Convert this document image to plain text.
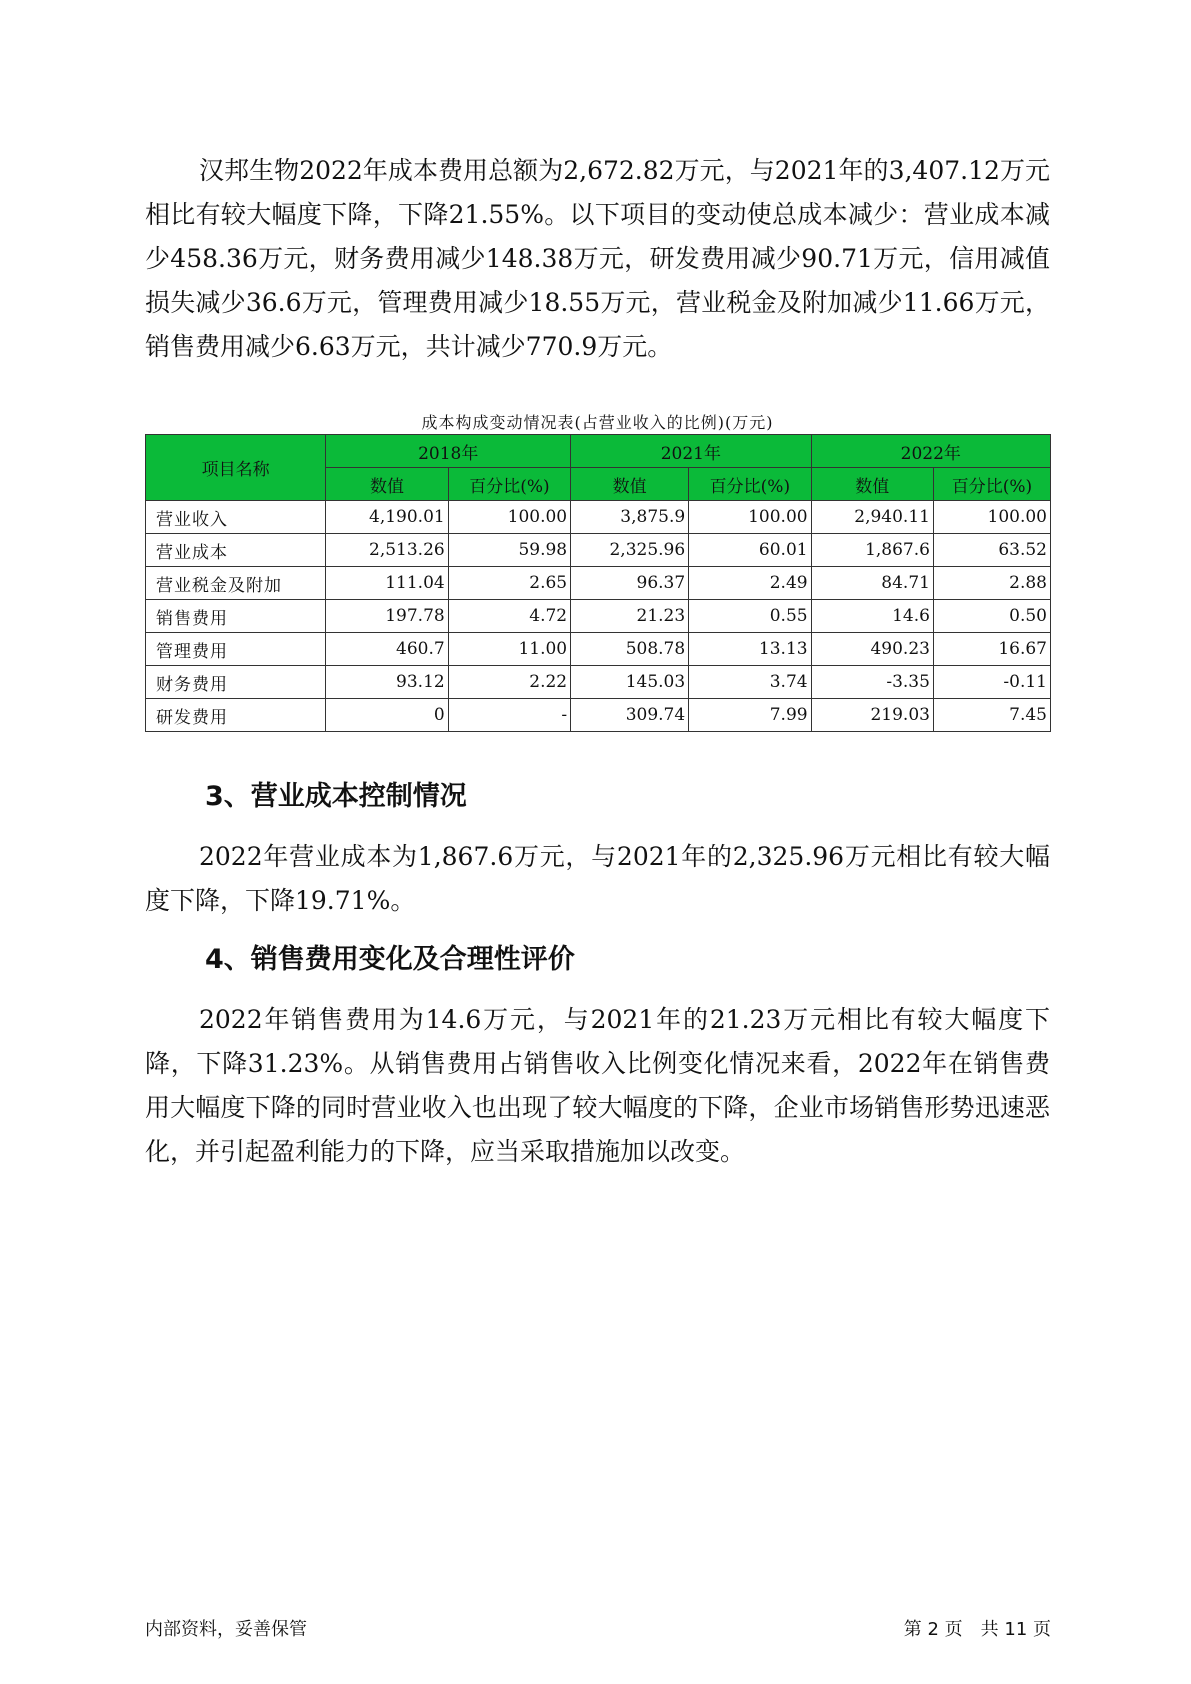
汉邦生物2022年成本费用总额为2,672.82万元，与2021年的3,407.12万元相比有较大幅度下降，下降21.55%。以下项目的变动使总成本减少：营业成本减少458.36万元，财务费用减少148.38万元，研发费用减少90.71万元，信用减值损失减少36.6万元，管理费用减少18.55万元，营业税金及附加减少11.66万元，销售费用减少6.63万元，共计减少770.9万元。

成本构成变动情况表(占营业收入的比例)(万元)
项目名称	2018年		2021年		2022年	
	数值	百分比(%)	数值	百分比(%)	数值	百分比(%)
营业收入	4,190.01	100.00	3,875.9	100.00	2,940.11	100.00
营业成本	2,513.26	59.98	2,325.96	60.01	1,867.6	63.52
营业税金及附加	111.04	2.65	96.37	2.49	84.71	2.88
销售费用	197.78	4.72	21.23	0.55	14.6	0.50
管理费用	460.7	11.00	508.78	13.13	490.23	16.67
财务费用	93.12	2.22	145.03	3.74	-3.35	-0.11
研发费用	0	-	309.74	7.99	219.03	7.45
3、营业成本控制情况

2022年营业成本为1,867.6万元，与2021年的2,325.96万元相比有较大幅度下降，下降19.71%。

4、销售费用变化及合理性评价

2022年销售费用为14.6万元，与2021年的21.23万元相比有较大幅度下降，下降31.23%。从销售费用占销售收入比例变化情况来看，2022年在销售费用大幅度下降的同时营业收入也出现了较大幅度的下降，企业市场销售形势迅速恶化，并引起盈利能力的下降，应当采取措施加以改变。

内部资料，妥善保管	第 2 页　共 11 页
